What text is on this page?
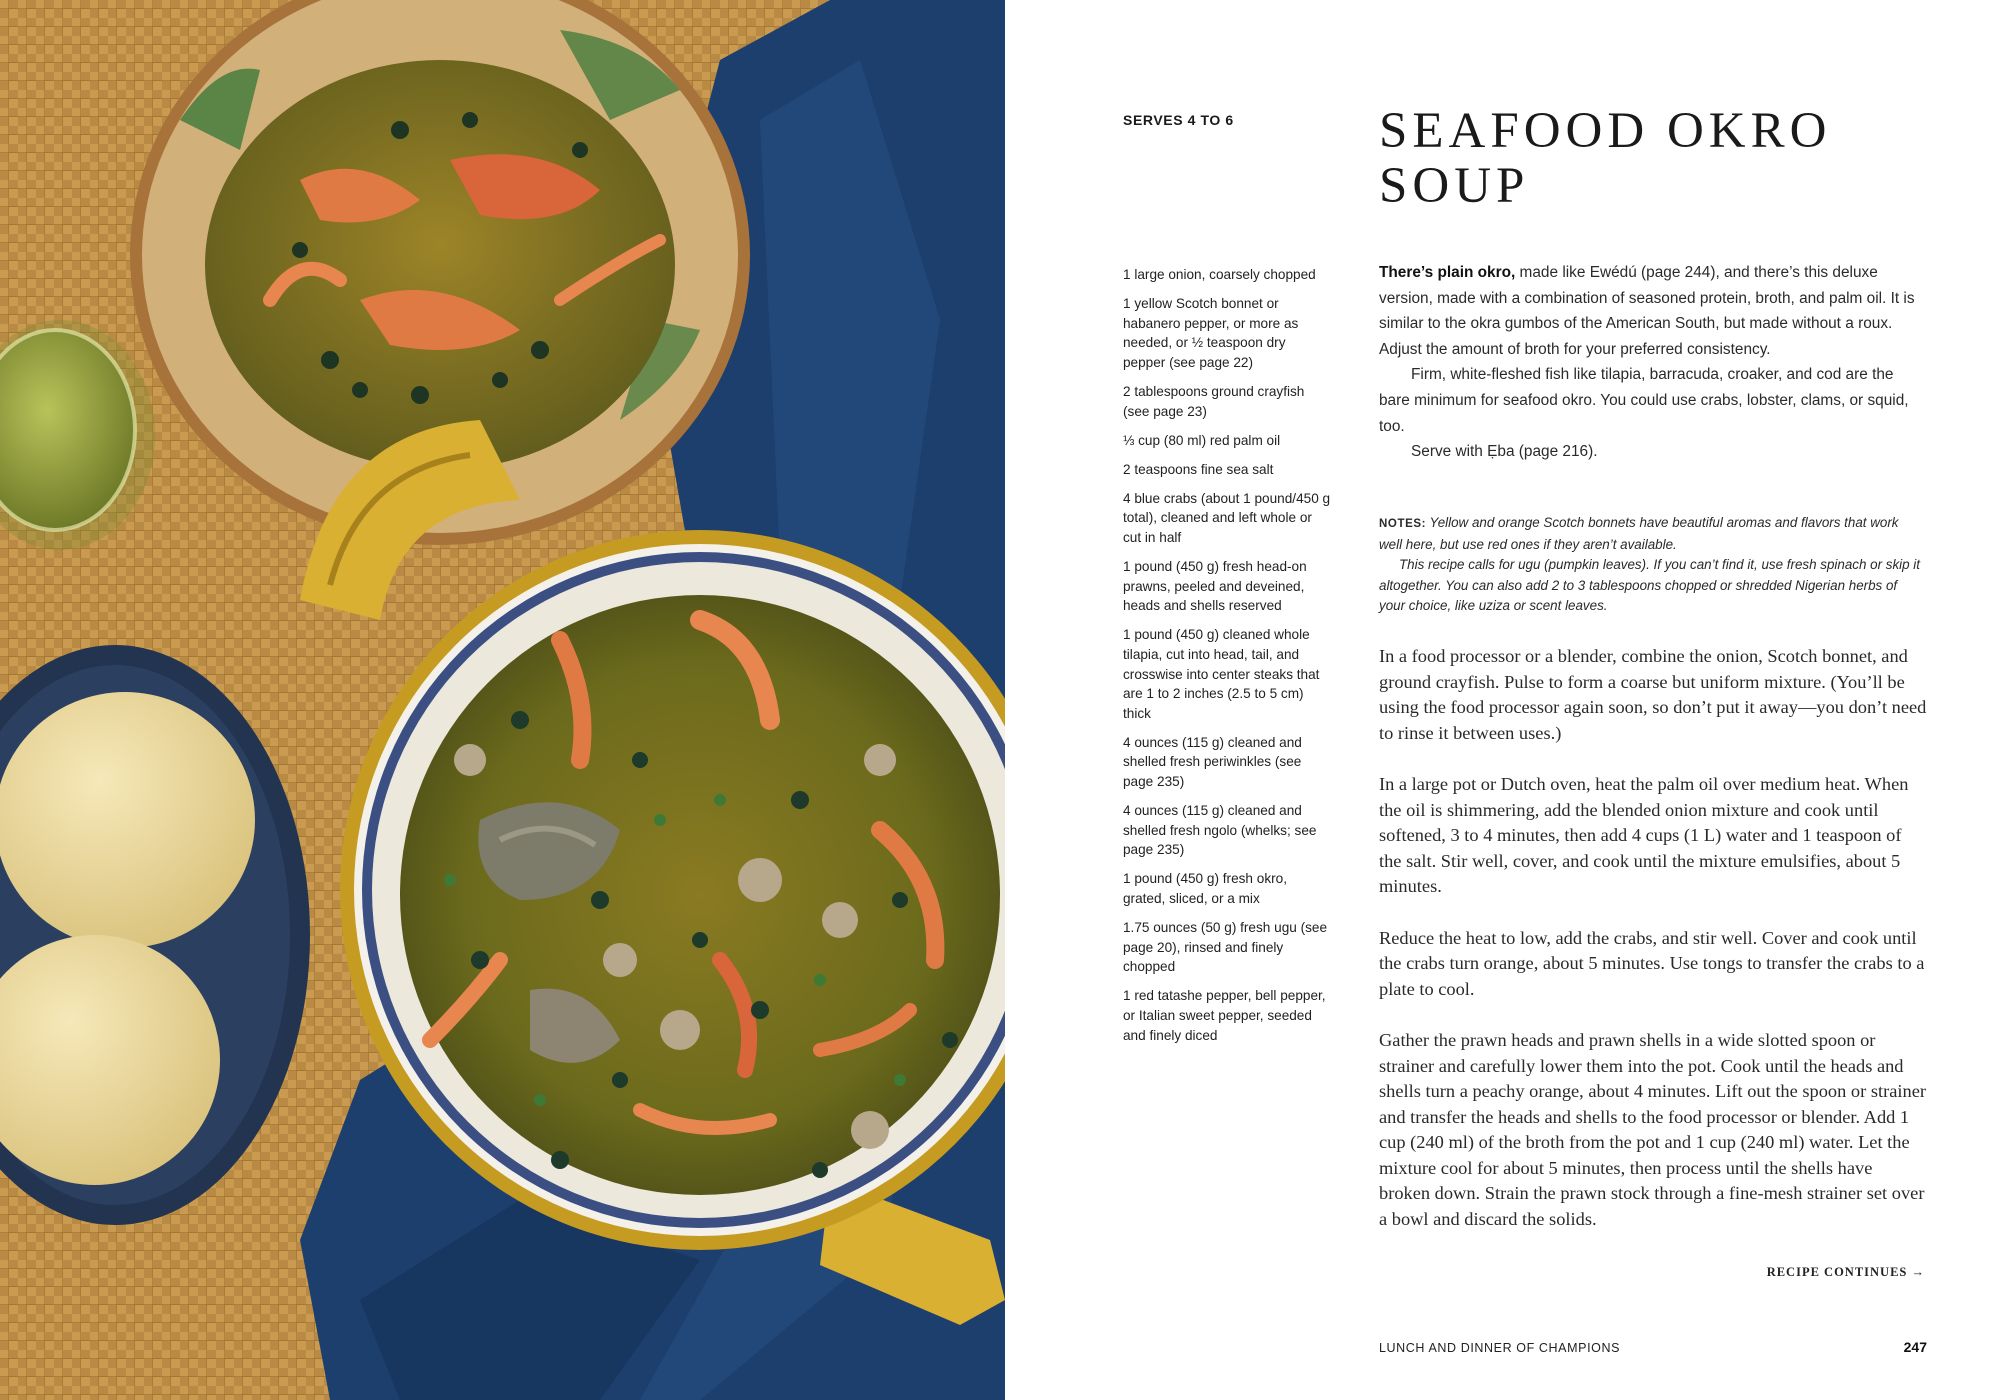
SERVES 4 TO 6	SEAFOOD OKRO
SOUP
1 large onion, coarsely chopped
1 yellow Scotch bonnet or habanero pepper, or more as needed, or ½ teaspoon dry pepper (see page 22)
2 tablespoons ground crayfish (see page 23)
⅓ cup (80 ml) red palm oil
2 teaspoons fine sea salt
4 blue crabs (about 1 pound/450 g total), cleaned and left whole or cut in half
1 pound (450 g) fresh head-on prawns, peeled and deveined, heads and shells reserved
1 pound (450 g) cleaned whole tilapia, cut into head, tail, and crosswise into center steaks that are 1 to 2 inches (2.5 to 5 cm) thick
4 ounces (115 g) cleaned and shelled fresh periwinkles (see page 235)
4 ounces (115 g) cleaned and shelled fresh ngolo (whelks; see page 235)
1 pound (450 g) fresh okro, grated, sliced, or a mix
1.75 ounces (50 g) fresh ugu (see page 20), rinsed and finely chopped
1 red tatashe pepper, bell pepper, or Italian sweet pepper, seeded and finely diced

There’s plain okro, made like Ewédú (page 244), and there’s this deluxe version, made with a combination of seasoned protein, broth, and palm oil. It is similar to the okra gumbos of the American South, but made without a roux. Adjust the amount of broth for your preferred consistency.

Firm, white-fleshed fish like tilapia, barracuda, croaker, and cod are the bare minimum for seafood okro. You could use crabs, lobster, clams, or squid, too.

Serve with Ẹba (page 216).

NOTES: Yellow and orange Scotch bonnets have beautiful aromas and flavors that work well here, but use red ones if they aren’t available.

This recipe calls for ugu (pumpkin leaves). If you can’t find it, use fresh spinach or skip it altogether. You can also add 2 to 3 tablespoons chopped or shredded Nigerian herbs of your choice, like uziza or scent leaves.

In a food processor or a blender, combine the onion, Scotch bonnet, and ground crayfish. Pulse to form a coarse but uniform mixture. (You’ll be using the food processor again soon, so don’t put it away—you don’t need to rinse it between uses.)

In a large pot or Dutch oven, heat the palm oil over medium heat. When the oil is shimmering, add the blended onion mixture and cook until softened, 3 to 4 minutes, then add 4 cups (1 L) water and 1 teaspoon of the salt. Stir well, cover, and cook until the mixture emulsifies, about 5 minutes.

Reduce the heat to low, add the crabs, and stir well. Cover and cook until the crabs turn orange, about 5 minutes. Use tongs to transfer the crabs to a plate to cool.

Gather the prawn heads and prawn shells in a wide slotted spoon or strainer and carefully lower them into the pot. Cook until the heads and shells turn a peachy orange, about 4 minutes. Lift out the spoon or strainer and transfer the heads and shells to the food processor or blender. Add 1 cup (240 ml) of the broth from the pot and 1 cup (240 ml) water. Let the mixture cool for about 5 minutes, then process until the shells have broken down. Strain the prawn stock through a fine-mesh strainer set over a bowl and discard the solids.

RECIPE CONTINUES →
LUNCH AND DINNER OF CHAMPIONS	247
